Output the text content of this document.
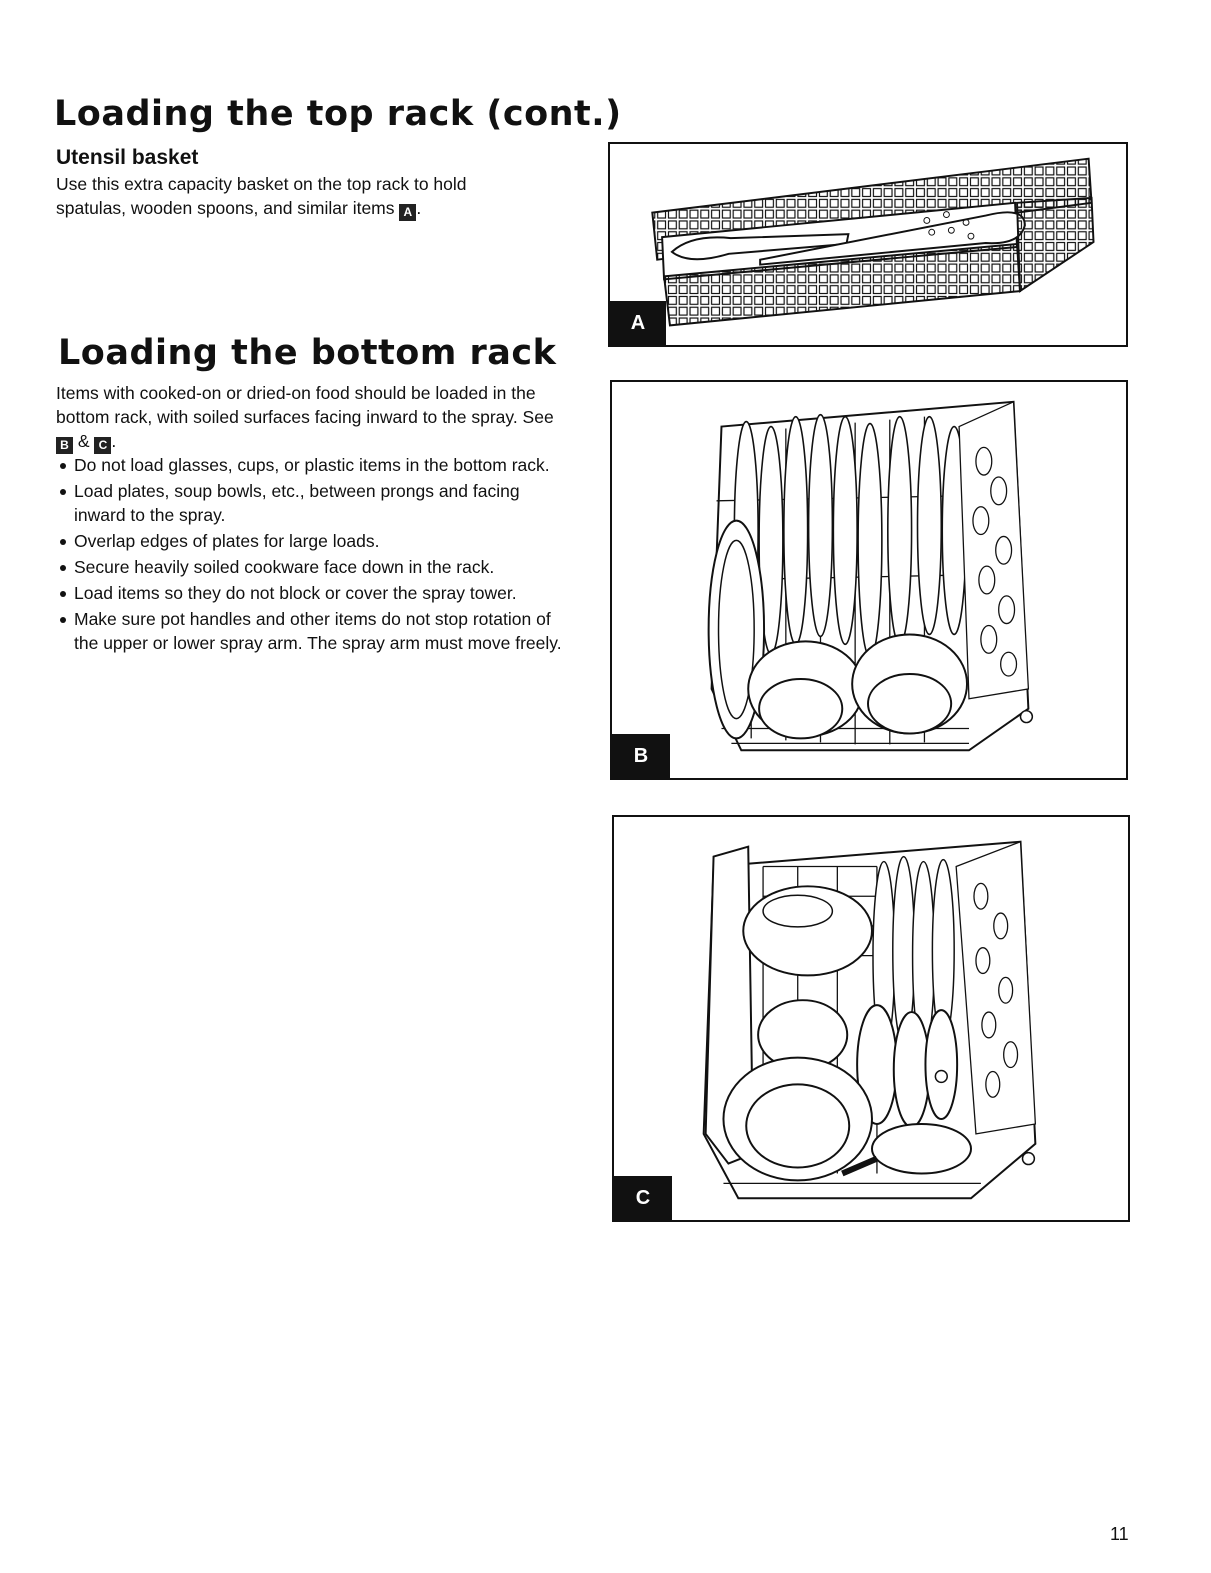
Loading the top rack (cont.)
Utensil basket

Use this extra capacity basket on the top rack to hold spatulas, wooden spoons, and similar items A .

Loading the bottom rack

Items with cooked-on or dried-on food should be loaded in the bottom rack, with soiled surfaces facing inward to the spray. See B & C .

Do not load glasses, cups, or plastic items in the bottom rack.
Load plates, soup bowls, etc., between prongs and facing inward to the spray.
Overlap edges of plates for large loads.
Secure heavily soiled cookware face down in the rack.
Load items so they do not block or cover the spray tower.
Make sure pot handles and other items do not stop rotation of the upper or lower spray arm. The spray arm must move freely.
A
B
C
11
